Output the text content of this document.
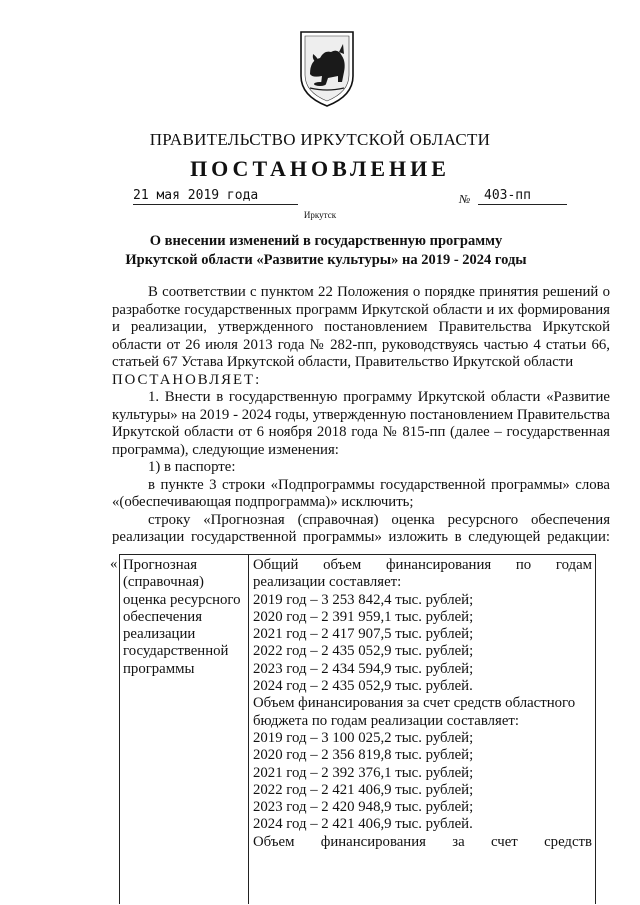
ПРАВИТЕЛЬСТВО ИРКУТСКОЙ ОБЛАСТИ
ПОСТАНОВЛЕНИЕ
21 мая 2019 года	№	403-пп
Иркутск
О внесении изменений в государственную программу Иркутской области «Развитие культуры» на 2019 - 2024 годы

В соответствии с пунктом 22 Положения о порядке принятия решений о

разработке государственных программ Иркутской области и их формирования

и реализации, утвержденного постановлением Правительства Иркутской

области от 26 июля 2013 года № 282-пп, руководствуясь частью 4 статьи 66,

статьей 67 Устава Иркутской области, Правительство Иркутской области

ПОСТАНОВЛЯЕТ:

1. Внести в государственную программу Иркутской области «Развитие

культуры» на 2019 - 2024 годы, утвержденную постановлением Правительства

Иркутской области от 6 ноября 2018 года № 815-пп (далее – государственная

программа), следующие изменения:

1) в паспорте:

в пункте 3 строки «Подпрограммы государственной программы» слова

«(обеспечивающая подпрограмма)» исключить;

строку «Прогнозная (справочная) оценка ресурсного обеспечения

реализации государственной программы» изложить в следующей редакции:

« Прогнозная
(справочная)
оценка ресурсного
обеспечения
реализации
государственной
программы
Общий объем финансирования по годам
реализации составляет:
2019 год – 3 253 842,4 тыс. рублей;
2020 год – 2 391 959,1 тыс. рублей;
2021 год – 2 417 907,5 тыс. рублей;
2022 год – 2 435 052,9 тыс. рублей;
2023 год – 2 434 594,9 тыс. рублей;
2024 год – 2 435 052,9 тыс. рублей.
Объем финансирования за счет средств областного
бюджета по годам реализации составляет:
2019 год – 3 100 025,2 тыс. рублей;
2020 год – 2 356 819,8 тыс. рублей;
2021 год – 2 392 376,1 тыс. рублей;
2022 год – 2 421 406,9 тыс. рублей;
2023 год – 2 420 948,9 тыс. рублей;
2024 год – 2 421 406,9 тыс. рублей.
Объем финансирования за счет средств
